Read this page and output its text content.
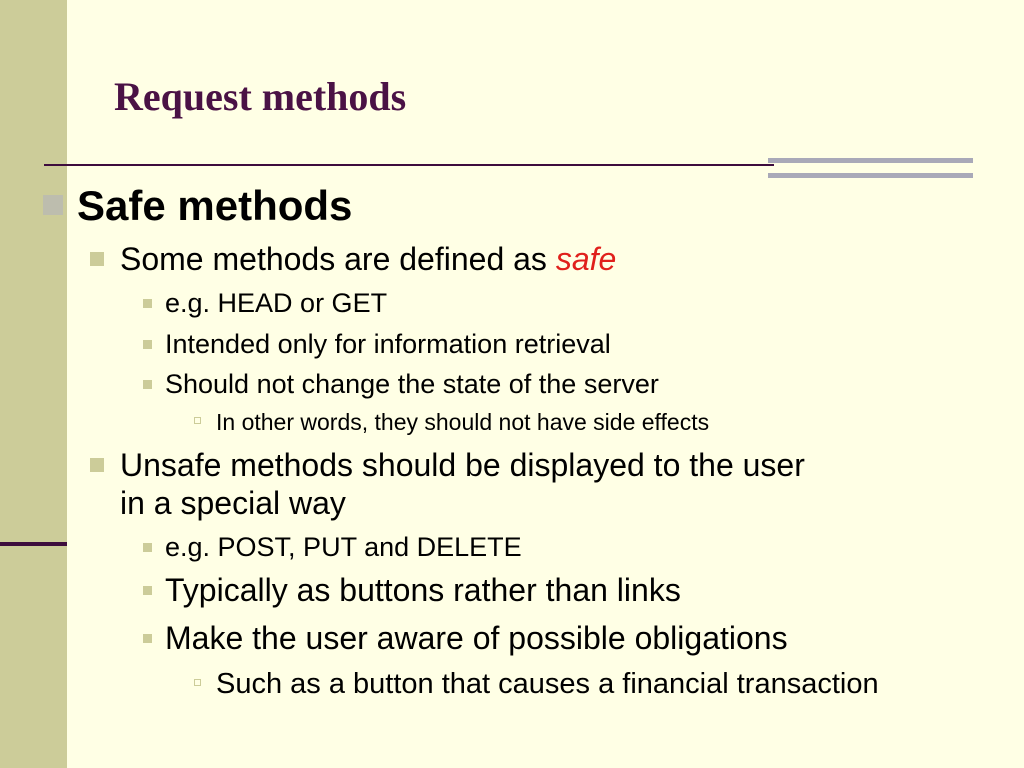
Request methods
Safe methods
Some methods are defined as safe
e.g. HEAD or GET
Intended only for information retrieval
Should not change the state of the server
In other words, they should not have side effects
Unsafe methods should be displayed to the user
in a special way
e.g. POST, PUT and DELETE
Typically as buttons rather than links
Make the user aware of possible obligations
Such as a button that causes a financial transaction
